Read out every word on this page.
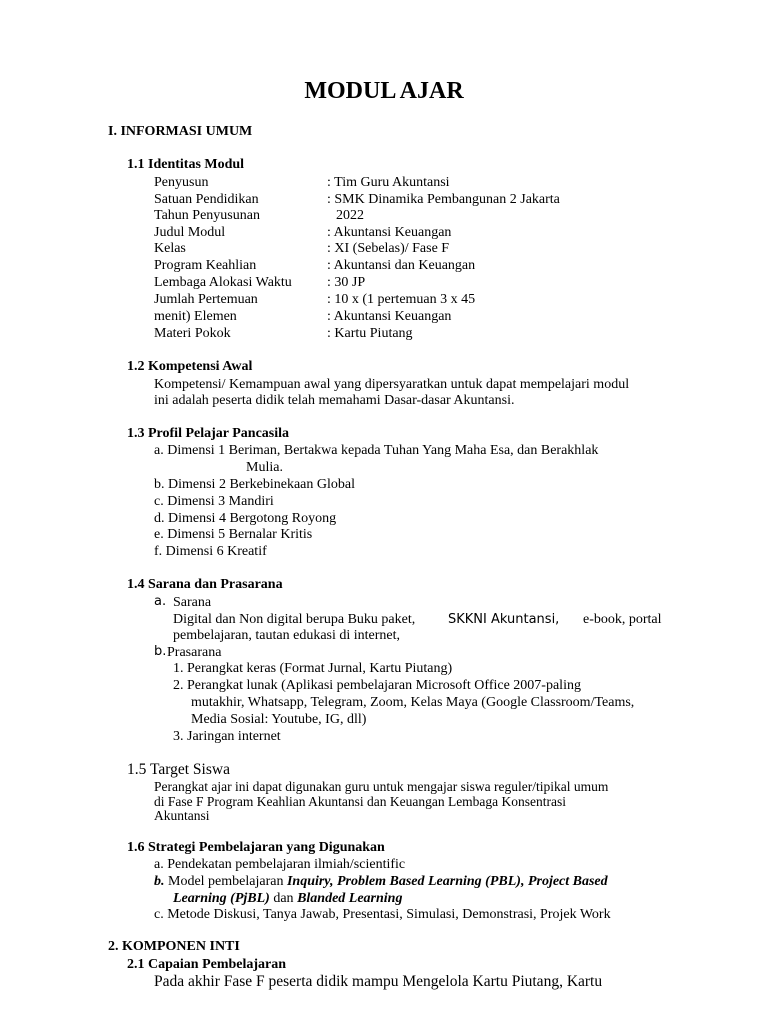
MODUL AJAR
I. INFORMASI UMUM
1.1 Identitas Modul
Penyusun	: Tim Guru Akuntansi
Satuan Pendidikan	: SMK Dinamika Pembangunan 2 Jakarta
Tahun Penyusunan	2022
Judul Modul	: Akuntansi Keuangan
Kelas	: XI (Sebelas)/ Fase F
Program Keahlian	: Akuntansi dan Keuangan
Lembaga Alokasi Waktu	: 30 JP
Jumlah Pertemuan	: 10 x (1 pertemuan 3 x 45
menit) Elemen	: Akuntansi Keuangan
Materi Pokok	: Kartu Piutang
1.2 Kompetensi Awal
Kompetensi/ Kemampuan awal yang dipersyaratkan untuk dapat mempelajari modul
ini adalah peserta didik telah memahami Dasar-dasar Akuntansi.
1.3 Profil Pelajar Pancasila
a. Dimensi 1 Beriman, Bertakwa kepada Tuhan Yang Maha Esa, dan Berakhlak
Mulia.
b. Dimensi 2 Berkebinekaan Global
c. Dimensi 3 Mandiri
d. Dimensi 4 Bergotong Royong
e. Dimensi 5 Bernalar Kritis
f. Dimensi 6 Kreatif
1.4 Sarana dan Prasarana
a. Sarana
Digital dan Non digital berupa Buku paket,	SKKNI Akuntansi, e-book, portal
pembelajaran, tautan edukasi di internet,
b. Prasarana
1. Perangkat keras (Format Jurnal, Kartu Piutang)
2. Perangkat lunak (Aplikasi pembelajaran Microsoft Office 2007-paling
mutakhir, Whatsapp, Telegram, Zoom, Kelas Maya (Google Classroom/Teams,
Media Sosial: Youtube, IG, dll)
3. Jaringan internet
1.5 Target Siswa
Perangkat ajar ini dapat digunakan guru untuk mengajar siswa reguler/tipikal umum
di Fase F Program Keahlian Akuntansi dan Keuangan Lembaga Konsentrasi
Akuntansi
1.6 Strategi Pembelajaran yang Digunakan
a. Pendekatan pembelajaran ilmiah/scientific
b. Model pembelajaran Inquiry, Problem Based Learning (PBL), Project Based
Learning (PjBL) dan Blanded Learning
c. Metode Diskusi, Tanya Jawab, Presentasi, Simulasi, Demonstrasi, Projek Work
2. KOMPONEN INTI
2.1 Capaian Pembelajaran
Pada akhir Fase F peserta didik mampu Mengelola Kartu Piutang, Kartu
